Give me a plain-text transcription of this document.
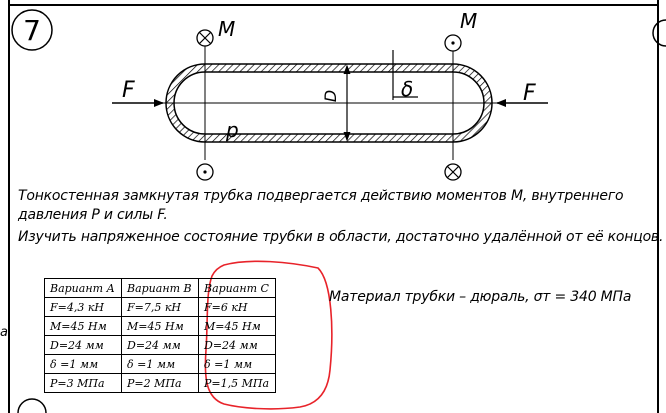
7	M	M
F	F
D	δ
p
Тонкостенная замкнутая трубка подвергается действию моментов M, внутреннего
давления P и силы F.
Изучить напряженное состояние трубки в области, достаточно удалённой от её концов.
Вариант А	Вариант В	Вариант С
F=4,3 кН	F=7,5 кН	F=6 кН
M=45 Нм	M=45 Нм	M=45 Нм
D=24 мм	D=24 мм	D=24 мм
δ =1 мм	δ =1 мм	δ =1 мм
P=3 МПа	P=2 МПа	P=1,5 МПа
Материал трубки – дюраль, σт = 340 МПа
a
